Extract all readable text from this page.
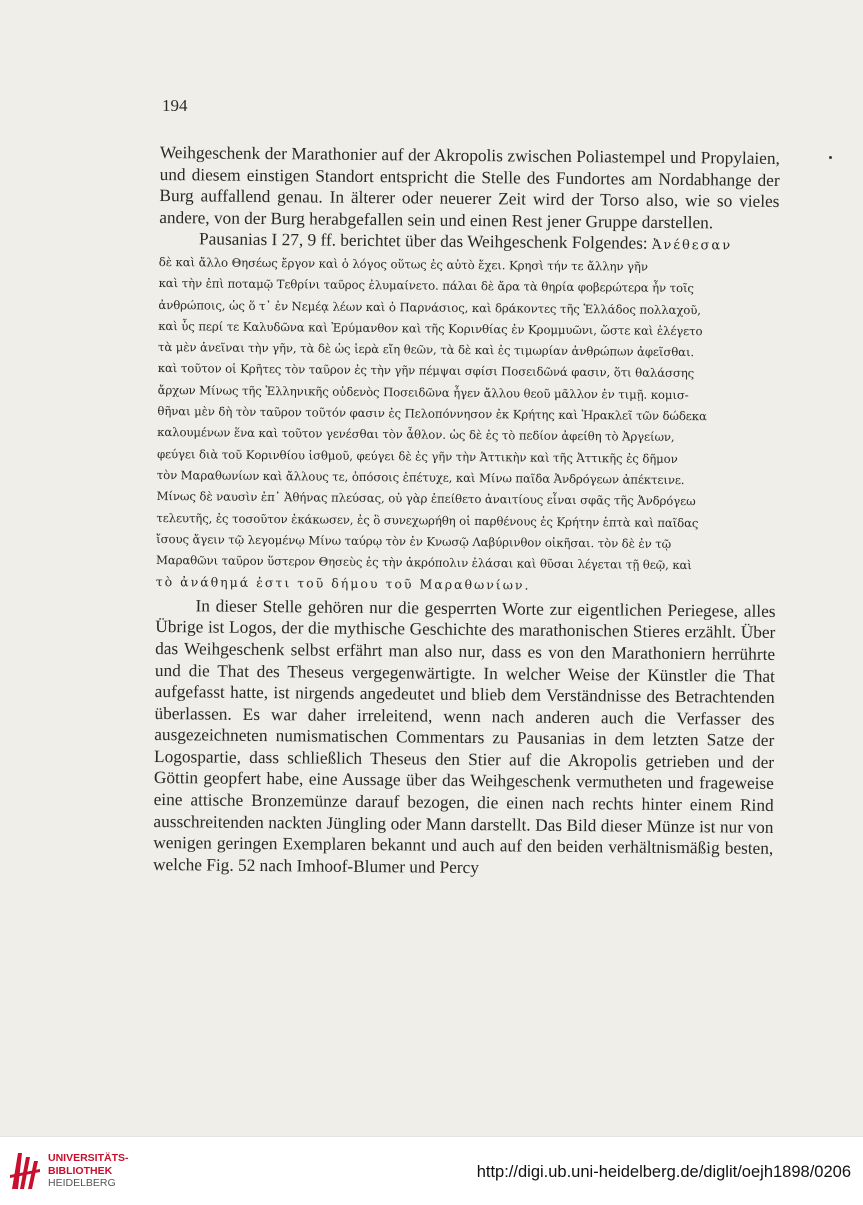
194

Weihgeschenk der Marathonier auf der Akropolis zwischen Poliastempel und Propylaien, und diesem einstigen Standort entspricht die Stelle des Fundortes am Nordabhange der Burg auffallend genau. In älterer oder neuerer Zeit wird der Torso also, wie so vieles andere, von der Burg herabgefallen sein und einen Rest jener Gruppe darstellen.

Pausanias I 27, 9 ff. berichtet über das Weihgeschenk Folgendes: Ἀνέθεσαν

δὲ καὶ ἄλλο Θησέως ἔργον καὶ ὁ λόγος οὕτως ἐς αὐτὸ ἔχει. Κρησὶ τήν τε ἄλλην γῆν

καὶ τὴν ἐπὶ ποταμῷ Τεθρίνι ταῦρος ἐλυμαίνετο. πάλαι δὲ ἄρα τὰ θηρία φοβερώτερα ἦν τοῖς

ἀνθρώποις, ὡς ὅ τ᾽ ἐν Νεμέᾳ λέων καὶ ὁ Παρνάσιος, καὶ δράκοντες τῆς Ἑλλάδος πολλαχοῦ,

καὶ ὗς περί τε Καλυδῶνα καὶ Ἐρύμανθον καὶ τῆς Κορινθίας ἐν Κρομμυῶνι, ὥστε καὶ ἐλέγετο

τὰ μὲν ἀνεῖναι τὴν γῆν, τὰ δὲ ὡς ἱερὰ εἴη θεῶν, τὰ δὲ καὶ ἐς τιμωρίαν ἀνθρώπων ἀφεῖσθαι.

καὶ τοῦτον οἱ Κρῆτες τὸν ταῦρον ἐς τὴν γῆν πέμψαι σφίσι Ποσειδῶνά φασιν, ὅτι θαλάσσης

ἄρχων Μίνως τῆς Ἑλληνικῆς οὐδενὸς Ποσειδῶνα ἦγεν ἄλλου θεοῦ μᾶλλον ἐν τιμῇ. κομισ-

θῆναι μὲν δὴ τὸν ταῦρον τοῦτόν φασιν ἐς Πελοπόννησον ἐκ Κρήτης καὶ Ἡρακλεῖ τῶν δώδεκα

καλουμένων ἕνα καὶ τοῦτον γενέσθαι τὸν ἆθλον. ὡς δὲ ἐς τὸ πεδίον ἀφείθη τὸ Ἀργείων,

φεύγει διὰ τοῦ Κορινθίου ἰσθμοῦ, φεύγει δὲ ἐς γῆν τὴν Ἀττικὴν καὶ τῆς Ἀττικῆς ἐς δῆμον

τὸν Μαραθωνίων καὶ ἄλλους τε, ὁπόσοις ἐπέτυχε, καὶ Μίνω παῖδα Ἀνδρόγεων ἀπέκτεινε.

Μίνως δὲ ναυσὶν ἐπ᾽ Ἀθήνας πλεύσας, οὐ γὰρ ἐπείθετο ἀναιτίους εἶναι σφᾶς τῆς Ἀνδρόγεω

τελευτῆς, ἐς τοσοῦτον ἐκάκωσεν, ἐς ὃ συνεχωρήθη οἱ παρθένους ἐς Κρήτην ἑπτὰ καὶ παῖδας

ἴσους ἄγειν τῷ λεγομένῳ Μίνω ταύρῳ τὸν ἐν Κνωσῷ Λαβύρινθον οἰκῆσαι. τὸν δὲ ἐν τῷ

Μαραθῶνι ταῦρον ὕστερον Θησεὺς ἐς τὴν ἀκρόπολιν ἐλάσαι καὶ θῦσαι λέγεται τῇ θεῷ, καὶ

τὸ ἀνάθημά ἐστι τοῦ δήμου τοῦ Μαραθωνίων.

In dieser Stelle gehören nur die gesperrten Worte zur eigentlichen Periegese, alles Übrige ist Logos, der die mythische Geschichte des marathonischen Stieres erzählt. Über das Weihgeschenk selbst erfährt man also nur, dass es von den Marathoniern herrührte und die That des Theseus vergegenwärtigte. In welcher Weise der Künstler die That aufgefasst hatte, ist nirgends angedeutet und blieb dem Verständnisse des Betrachtenden überlassen. Es war daher irreleitend, wenn nach anderen auch die Verfasser des ausgezeichneten numismatischen Commentars zu Pausanias in dem letzten Satze der Logospartie, dass schließlich Theseus den Stier auf die Akropolis getrieben und der Göttin geopfert habe, eine Aussage über das Weihgeschenk vermutheten und frageweise eine attische Bronzemünze darauf bezogen, die einen nach rechts hinter einem Rind ausschreitenden nackten Jüngling oder Mann darstellt. Das Bild dieser Münze ist nur von wenigen geringen Exemplaren bekannt und auch auf den beiden verhältnismäßig besten, welche Fig. 52 nach Imhoof-Blumer und Percy

UNIVERSITÄTS-
BIBLIOTHEK
HEIDELBERG
http://digi.ub.uni-heidelberg.de/diglit/oejh1898/0206
